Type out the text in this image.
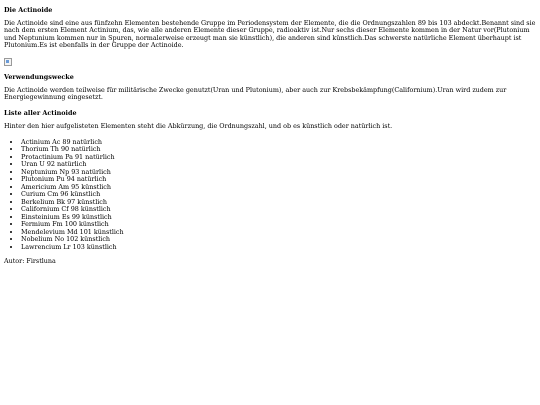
Die Actinoide

Die Actinoide sind eine aus fünfzehn Elementen bestehende Gruppe im Periodensystem der Elemente, die die Ordnungszahlen 89 bis 103 abdeckt.Benannt sind sie nach dem ersten Element Actinium, das, wie alle anderen Elemente dieser Gruppe, radioaktiv ist.Nur sechs dieser Elemente kommen in der Natur vor(Plutonium und Neptunium kommen nur in Spuren, normalerweise erzeugt man sie künstlich), die anderen sind künstlich.Das schwerste natürliche Element überhaupt ist Plutonium.Es ist ebenfalls in der Gruppe der Actinoide.

Verwendungswecke

Die Actinoide werden teilweise für militärische Zwecke genutzt(Uran und Plutonium), aber auch zur Krebsbekämpfung(Californium).Uran wird zudem zur Energiegewinnung eingesetzt.

Liste aller Actinoide

Hinter den hier aufgelisteten Elementen steht die Abkürzung, die Ordnungszahl, und ob es künstlich oder natürlich ist.

• Actinium Ac 89 natürlich
• Thorium Th 90 natürlich
• Protactinium Pa 91 natürlich
• Uran U 92 natürlich
• Neptunium Np 93 natürlich
• Plutonium Pu 94 natürlich
• Americium Am 95 künstlich
• Curium Cm 96 künstlich
• Berkelium Bk 97 künstlich
• Californium Cf 98 künstlich
• Einsteinium Es 99 künstlich
• Fermium Fm 100 künstlich
• Mendelevium Md 101 künstlich
• Nobelium No 102 künstlich
• Lawrencium Lr 103 künstlich

Autor: Firstluna
